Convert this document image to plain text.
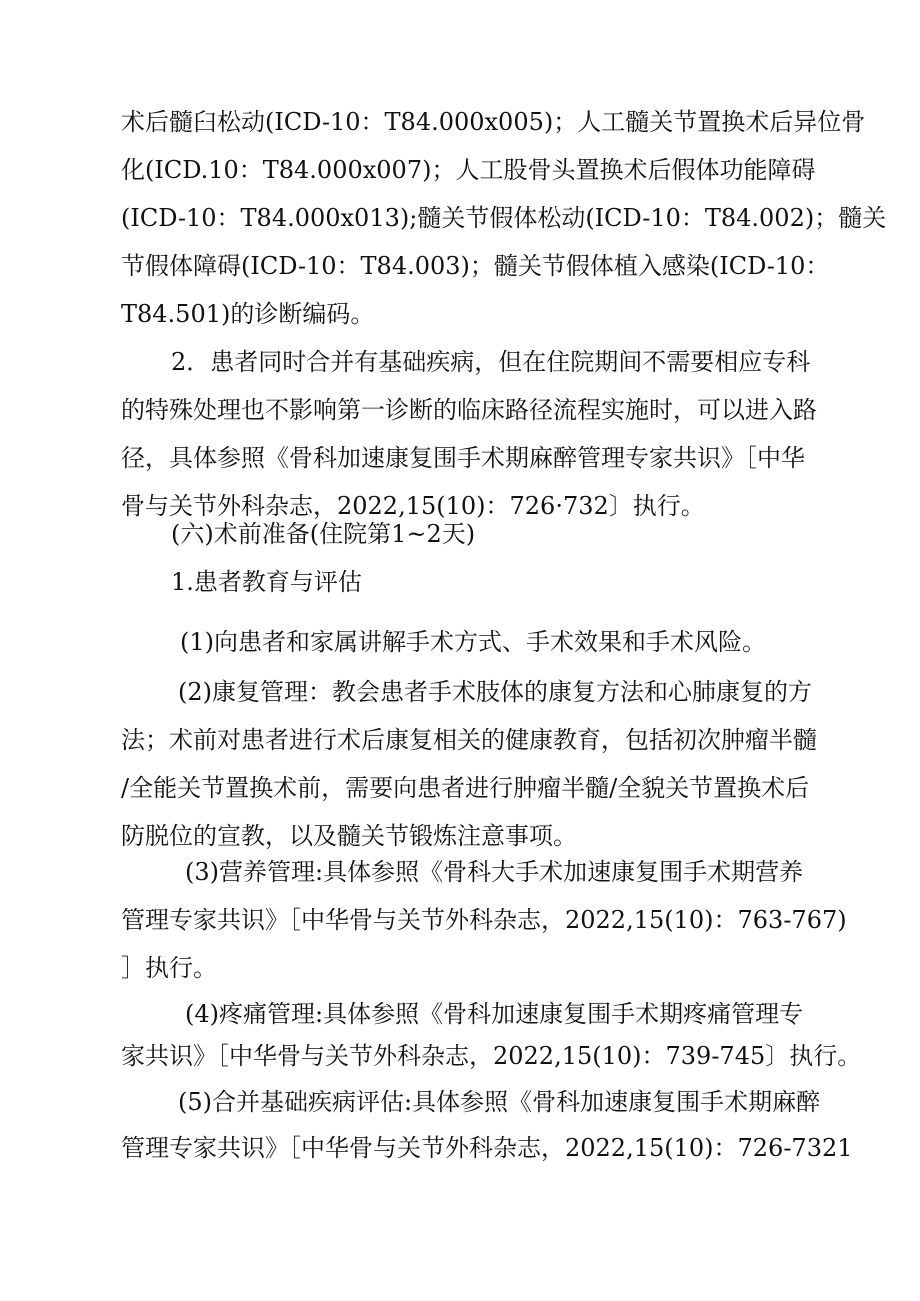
术后髓臼松动(ICD-10：T84.000x005)；人工髓关节置换术后异位骨
化(ICD.10：T84.000x007)；人工股骨头置换术后假体功能障碍
(ICD-10：T84.000x013);髓关节假体松动(ICD-10：T84.002)；髓关
节假体障碍(ICD-10：T84.003)；髓关节假体植入感染(ICD-10：
T84.501)的诊断编码。
2．患者同时合并有基础疾病，但在住院期间不需要相应专科
的特殊处理也不影响第一诊断的临床路径流程实施时，可以进入路
径，具体参照《骨科加速康复围手术期麻醉管理专家共识》［中华
骨与关节外科杂志，2022,15(10)：726·732〕执行。
(六)术前准备(住院第1~2天)
1.患者教育与评估
(1)向患者和家属讲解手术方式、手术效果和手术风险。
(2)康复管理：教会患者手术肢体的康复方法和心肺康复的方
法；术前对患者进行术后康复相关的健康教育，包括初次肿瘤半髓
/全能关节置换术前，需要向患者进行肿瘤半髓/全貌关节置换术后
防脱位的宣教，以及髓关节锻炼注意事项。
(3)营养管理:具体参照《骨科大手术加速康复围手术期营养
管理专家共识》［中华骨与关节外科杂志，2022,15(10)：763-767)
］执行。
(4)疼痛管理:具体参照《骨科加速康复围手术期疼痛管理专
家共识》［中华骨与关节外科杂志，2022,15(10)：739-745〕执行。
(5)合并基础疾病评估:具体参照《骨科加速康复围手术期麻醉
管理专家共识》［中华骨与关节外科杂志，2022,15(10)：726-7321
